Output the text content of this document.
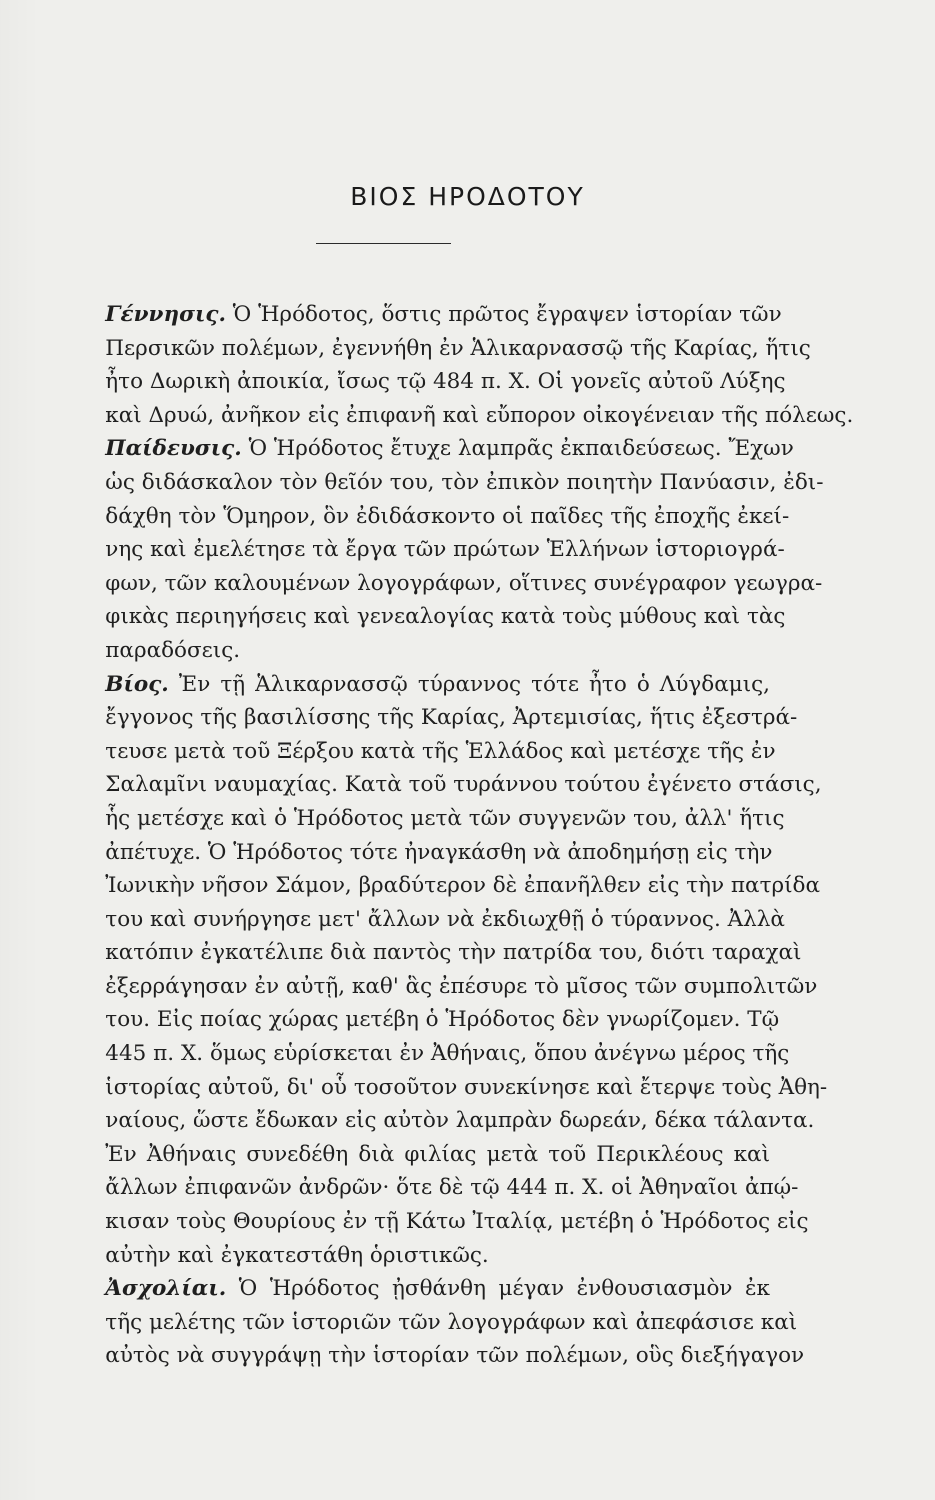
ΒΙΟΣ ΗΡΟΔΟΤΟΥ

Γέννησις. Ὁ Ἡρόδοτος, ὅστις πρῶτος ἔγραψεν ἱστορίαν τῶν
Περσικῶν πολέμων, ἐγεννήθη ἐν Ἁλικαρνασσῷ τῆς Καρίας, ἥτις
ἦτο Δωρικὴ ἀποικία, ἴσως τῷ 484 π. Χ. Οἱ γονεῖς αὐτοῦ Λύξης
καὶ Δρυώ, ἀνῆκον εἰς ἐπιφανῆ καὶ εὔπορον οἰκογένειαν τῆς πόλεως.

Παίδευσις. Ὁ Ἡρόδοτος ἔτυχε λαμπρᾶς ἐκπαιδεύσεως. Ἔχων
ὡς διδάσκαλον τὸν θεῖόν του, τὸν ἐπικὸν ποιητὴν Πανύασιν, ἐδι-
δάχθη τὸν Ὅμηρον, ὃν ἐδιδάσκοντο οἱ παῖδες τῆς ἐποχῆς ἐκεί-
νης καὶ ἐμελέτησε τὰ ἔργα τῶν πρώτων Ἑλλήνων ἱστοριογρά-
φων, τῶν καλουμένων λογογράφων, οἵτινες συνέγραφον γεωγρα-
φικὰς περιηγήσεις καὶ γενεαλογίας κατὰ τοὺς μύθους καὶ τὰς
παραδόσεις.

Βίος. Ἐν τῇ Ἁλικαρνασσῷ τύραννος τότε ἦτο ὁ Λύγδαμις,
ἔγγονος τῆς βασιλίσσης τῆς Καρίας, Ἀρτεμισίας, ἥτις ἐξεστρά-
τευσε μετὰ τοῦ Ξέρξου κατὰ τῆς Ἑλλάδος καὶ μετέσχε τῆς ἐν
Σαλαμῖνι ναυμαχίας. Κατὰ τοῦ τυράννου τούτου ἐγένετο στάσις,
ἧς μετέσχε καὶ ὁ Ἡρόδοτος μετὰ τῶν συγγενῶν του, ἀλλ' ἥτις
ἀπέτυχε. Ὁ Ἡρόδοτος τότε ἠναγκάσθη νὰ ἀποδημήσῃ εἰς τὴν
Ἰωνικὴν νῆσον Σάμον, βραδύτερον δὲ ἐπανῆλθεν εἰς τὴν πατρίδα
του καὶ συνήργησε μετ' ἄλλων νὰ ἐκδιωχθῇ ὁ τύραννος. Ἀλλὰ
κατόπιν ἐγκατέλιπε διὰ παντὸς τὴν πατρίδα του, διότι ταραχαὶ
ἐξερράγησαν ἐν αὐτῇ, καθ' ἃς ἐπέσυρε τὸ μῖσος τῶν συμπολιτῶν
του. Εἰς ποίας χώρας μετέβη ὁ Ἡρόδοτος δὲν γνωρίζομεν. Τῷ
445 π. Χ. ὅμως εὑρίσκεται ἐν Ἀθήναις, ὅπου ἀνέγνω μέρος τῆς
ἱστορίας αὐτοῦ, δι' οὗ τοσοῦτον συνεκίνησε καὶ ἔτερψε τοὺς Ἀθη-
ναίους, ὥστε ἔδωκαν εἰς αὐτὸν λαμπρὰν δωρεάν, δέκα τάλαντα.

Ἐν Ἀθήναις συνεδέθη διὰ φιλίας μετὰ τοῦ Περικλέους καὶ
ἄλλων ἐπιφανῶν ἀνδρῶν· ὅτε δὲ τῷ 444 π. Χ. οἱ Ἀθηναῖοι ἀπῴ-
κισαν τοὺς Θουρίους ἐν τῇ Κάτω Ἰταλίᾳ, μετέβη ὁ Ἡρόδοτος εἰς
αὐτὴν καὶ ἐγκατεστάθη ὁριστικῶς.

Ἀσχολίαι. Ὁ Ἡρόδοτος ᾐσθάνθη μέγαν ἐνθουσιασμὸν ἐκ
τῆς μελέτης τῶν ἱστοριῶν τῶν λογογράφων καὶ ἀπεφάσισε καὶ
αὐτὸς νὰ συγγράψῃ τὴν ἱστορίαν τῶν πολέμων, οὓς διεξήγαγον
